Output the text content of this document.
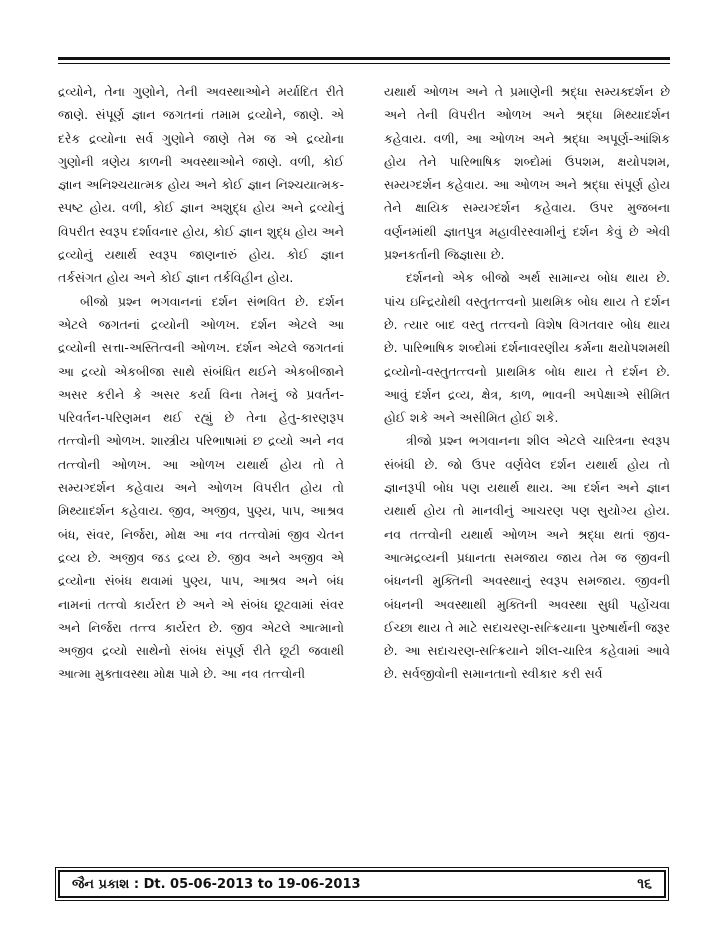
દ્રવ્યોને, તેના ગુણોને, તેની અવસ્થાઓને મર્યાદિત રીતે જાણે. સંપૂર્ણ જ્ઞાન જગતનાં તમામ દ્રવ્યોને, જાણે. એ દરેક દ્રવ્યોના સર્વ ગુણોને જાણે તેમ જ એ દ્રવ્યોના ગુણોની ત્રણેય કાળની અવસ્થાઓને જાણે. વળી, કોઈ જ્ઞાન અનિશ્ચયાત્મક હોય અને કોઈ જ્ઞાન નિશ્ચયાત્મક-સ્પષ્ટ હોય. વળી, કોઈ જ્ઞાન અશુદ્ધ હોય અને દ્રવ્યોનું વિપરીત સ્વરૂપ દર્શાવનાર હોય, કોઈ જ્ઞાન શુદ્ધ હોય અને દ્રવ્યોનું યથાર્થ સ્વરૂપ જાણનારું હોય. કોઈ જ્ઞાન તર્કસંગત હોય અને કોઈ જ્ઞાન તર્કવિહીન હોય.

બીજો પ્રશ્ન ભગવાનનાં દર્શન સંભવિત છે. દર્શન એટલે જગતનાં દ્રવ્યોની ઓળખ. દર્શન એટલે આ દ્રવ્યોની સત્તા-અસ્તિત્વની ઓળખ. દર્શન એટલે જગતનાં આ દ્રવ્યો એકબીજા સાથે સંબંધિત થઈને એકબીજાને અસર કરીને કે અસર કર્યા વિના તેમનું જે પ્રવર્તન-પરિવર્તન-પરિણમન થઈ રહ્યું છે તેના હેતુ-કારણરૂપ તત્ત્વોની ઓળખ. શાસ્ત્રીય પરિભાષામાં છ દ્રવ્યો અને નવ તત્ત્વોની ઓળખ. આ ઓળખ યથાર્થ હોય તો તે સમ્યગ્દર્શન કહેવાય અને ઓળખ વિપરીત હોય તો મિથ્યાદર્શન કહેવાય. જીવ, અજીવ, પુણ્ય, પાપ, આશ્રવ બંધ, સંવર, નિર્જરા, મોક્ષ આ નવ તત્ત્વોમાં જીવ ચેતન દ્રવ્ય છે. અજીવ જડ દ્રવ્ય છે. જીવ અને અજીવ એ દ્રવ્યોના સંબંધ થવામાં પુણ્ય, પાપ, આશ્રવ અને બંધ નામનાં તત્ત્વો કાર્યરત છે અને એ સંબંધ છૂટવામાં સંવર અને નિર્જરા તત્ત્વ કાર્યરત છે. જીવ એટલે આત્માનો અજીવ દ્રવ્યો સાથેનો સંબંધ સંપૂર્ણ રીતે છૂટી જવાથી આત્મા મુક્તાવસ્થા મોક્ષ પામે છે. આ નવ તત્ત્વોની

યથાર્થ ઓળખ અને તે પ્રમાણેની શ્રદ્ધા સમ્યક્દર્શન છે અને તેની વિપરીત ઓળખ અને શ્રદ્ધા મિથ્યાદર્શન કહેવાય. વળી, આ ઓળખ અને શ્રદ્ધા અપૂર્ણ-આંશિક હોય તેને પારિભાષિક શબ્દોમાં ઉપશમ, ક્ષયોપશમ, સમ્યગ્દર્શન કહેવાય. આ ઓળખ અને શ્રદ્ધા સંપૂર્ણ હોય તેને ક્ષાયિક સમ્યગ્દર્શન કહેવાય. ઉપર મુજબના વર્ણનમાંથી જ્ઞાતપુત્ર મહાવીરસ્વામીનું દર્શન કેવું છે એવી પ્રશ્નકર્તાની જિજ્ઞાસા છે.

દર્શનનો એક બીજો અર્થ સામાન્ય બોધ થાય છે. પાંચ ઇન્દ્રિયોથી વસ્તુતત્ત્વનો પ્રાથમિક બોધ થાય તે દર્શન છે. ત્યાર બાદ વસ્તુ તત્ત્વનો વિશેષ વિગતવાર બોધ થાય છે. પારિભાષિક શબ્દોમાં દર્શનાવરણીય કર્મના ક્ષયોપશમથી દ્રવ્યોનો-વસ્તુતત્ત્વનો પ્રાથમિક બોધ થાય તે દર્શન છે. આવું દર્શન દ્રવ્ય, ક્ષેત્ર, કાળ, ભાવની અપેક્ષાએ સીમિત હોઈ શકે અને અસીમિત હોઈ શકે.

ત્રીજો પ્રશ્ન ભગવાનના શીલ એટલે ચારિત્રના સ્વરૂપ સંબંધી છે. જો ઉપર વર્ણવેલ દર્શન યથાર્થ હોય તો જ્ઞાનરૂપી બોધ પણ યથાર્થ થાય. આ દર્શન અને જ્ઞાન યથાર્થ હોય તો માનવીનું આચરણ પણ સુયોગ્ય હોય. નવ તત્ત્વોની યથાર્થ ઓળખ અને શ્રદ્ધા થતાં જીવ-આત્મદ્રવ્યની પ્રધાનતા સમજાય જાય તેમ જ જીવની બંધનની મુક્તિની અવસ્થાનું સ્વરૂપ સમજાય. જીવની બંધનની અવસ્થાથી મુક્તિની અવસ્થા સુધી પહોંચવા ઈચ્છા થાય તે માટે સદાચરણ-સત્ક્રિયાના પુરુષાર્થની જરૂર છે. આ સદાચરણ-સત્ક્રિયાને શીલ-ચારિત્ર કહેવામાં આવે છે. સર્વજીવોની સમાનતાનો સ્વીકાર કરી સર્વ

જૈન પ્રકાશ : Dt. 05-06-2013 to 19-06-2013	૧૬
